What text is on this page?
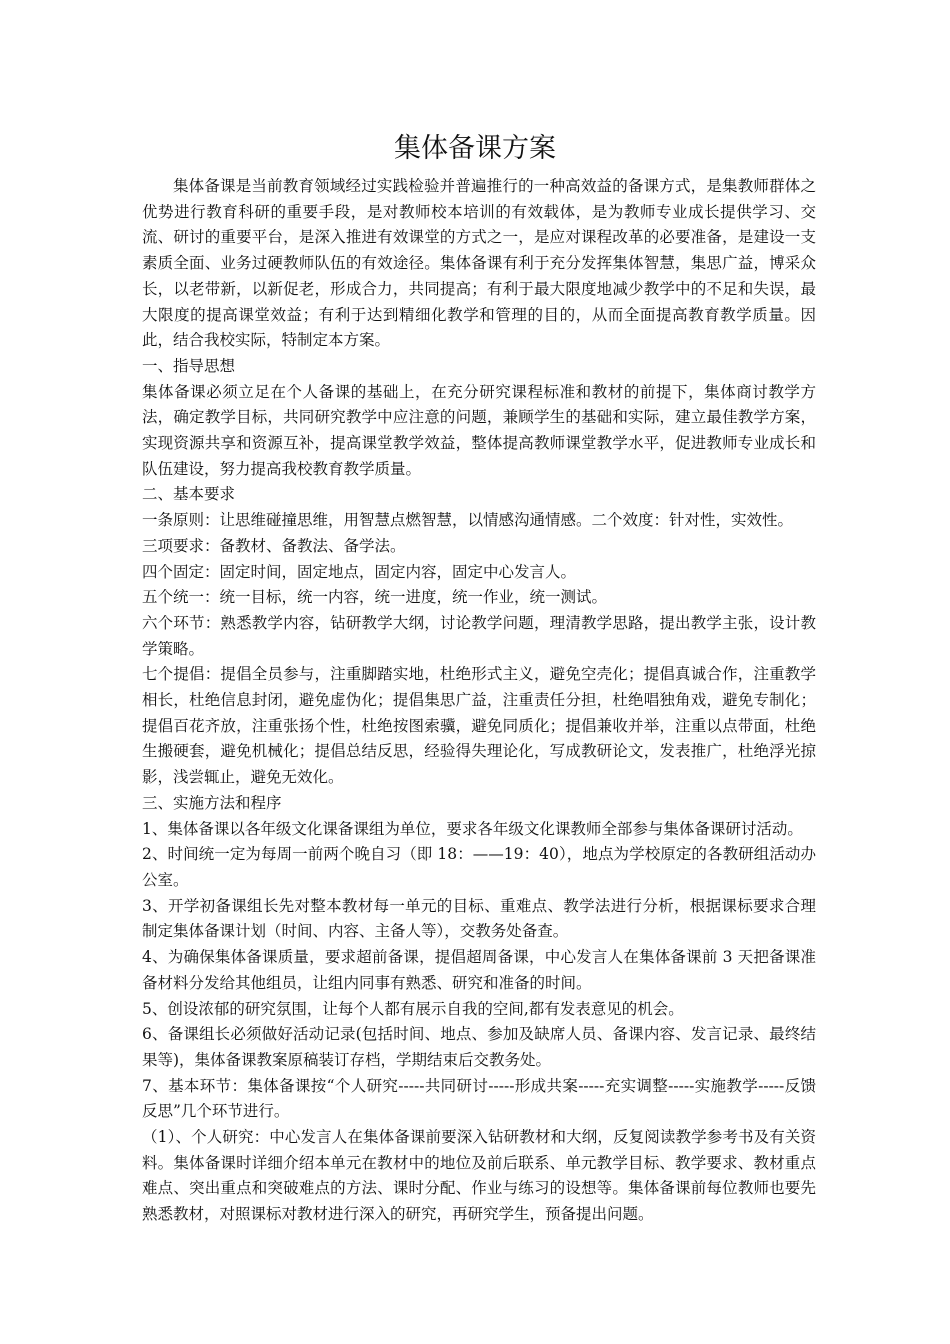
集体备课方案

集体备课是当前教育领域经过实践检验并普遍推行的一种高效益的备课方式，是集教师群体之优势进行教育科研的重要手段，是对教师校本培训的有效载体，是为教师专业成长提供学习、交流、研讨的重要平台，是深入推进有效课堂的方式之一，是应对课程改革的必要准备，是建设一支素质全面、业务过硬教师队伍的有效途径。集体备课有利于充分发挥集体智慧，集思广益，博采众长，以老带新，以新促老，形成合力，共同提高；有利于最大限度地减少教学中的不足和失误，最大限度的提高课堂效益；有利于达到精细化教学和管理的目的，从而全面提高教育教学质量。因此，结合我校实际，特制定本方案。

一、指导思想

集体备课必须立足在个人备课的基础上，在充分研究课程标准和教材的前提下，集体商讨教学方法，确定教学目标，共同研究教学中应注意的问题，兼顾学生的基础和实际，建立最佳教学方案，实现资源共享和资源互补，提高课堂教学效益，整体提高教师课堂教学水平，促进教师专业成长和队伍建设，努力提高我校教育教学质量。

二、基本要求

一条原则：让思维碰撞思维，用智慧点燃智慧，以情感沟通情感。二个效度：针对性，实效性。

三项要求：备教材、备教法、备学法。

四个固定：固定时间，固定地点，固定内容，固定中心发言人。

五个统一：统一目标，统一内容，统一进度，统一作业，统一测试。

六个环节：熟悉教学内容，钻研教学大纲，讨论教学问题，理清教学思路，提出教学主张，设计教学策略。

七个提倡：提倡全员参与，注重脚踏实地，杜绝形式主义，避免空壳化；提倡真诚合作，注重教学相长，杜绝信息封闭，避免虚伪化；提倡集思广益，注重责任分担，杜绝唱独角戏，避免专制化；提倡百花齐放，注重张扬个性，杜绝按图索骥，避免同质化；提倡兼收并举，注重以点带面，杜绝生搬硬套，避免机械化；提倡总结反思，经验得失理论化，写成教研论文，发表推广，杜绝浮光掠影，浅尝辄止，避免无效化。

三、实施方法和程序

1、集体备课以各年级文化课备课组为单位，要求各年级文化课教师全部参与集体备课研讨活动。

2、时间统一定为每周一前两个晚自习（即 18：——19：40），地点为学校原定的各教研组活动办公室。

3、开学初备课组长先对整本教材每一单元的目标、重难点、教学法进行分析，根据课标要求合理制定集体备课计划（时间、内容、主备人等），交教务处备查。

4、为确保集体备课质量，要求超前备课，提倡超周备课，中心发言人在集体备课前 3 天把备课准备材料分发给其他组员，让组内同事有熟悉、研究和准备的时间。

5、创设浓郁的研究氛围，让每个人都有展示自我的空间,都有发表意见的机会。

6、备课组长必须做好活动记录(包括时间、地点、参加及缺席人员、备课内容、发言记录、最终结果等)，集体备课教案原稿装订存档，学期结束后交教务处。

7、基本环节：集体备课按“个人研究-----共同研讨-----形成共案-----充实调整-----实施教学-----反馈反思”几个环节进行。

（1）、个人研究：中心发言人在集体备课前要深入钻研教材和大纲，反复阅读教学参考书及有关资料。集体备课时详细介绍本单元在教材中的地位及前后联系、单元教学目标、教学要求、教材重点难点、突出重点和突破难点的方法、课时分配、作业与练习的设想等。集体备课前每位教师也要先熟悉教材，对照课标对教材进行深入的研究，再研究学生，预备提出问题。
